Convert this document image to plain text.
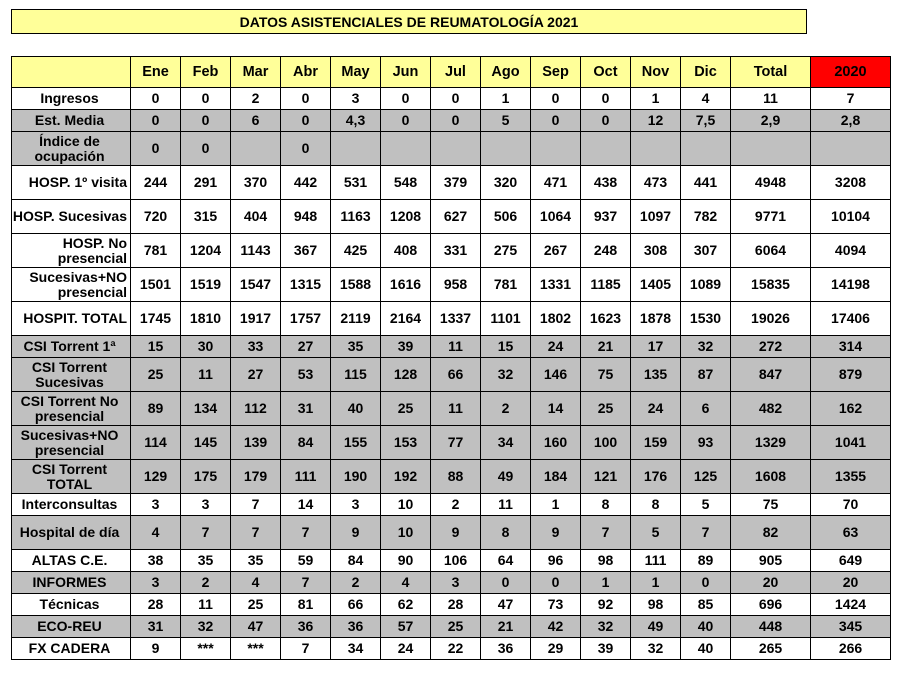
DATOS ASISTENCIALES DE REUMATOLOGÍA 2021
	Ene	Feb	Mar	Abr	May	Jun	Jul	Ago	Sep	Oct	Nov	Dic	Total	2020
Ingresos	0	0	2	0	3	0	0	1	0	0	1	4	11	7
Est. Media	0	0	6	0	4,3	0	0	5	0	0	12	7,5	2,9	2,8
Índice de ocupación	0	0		0										
HOSP. 1º visita	244	291	370	442	531	548	379	320	471	438	473	441	4948	3208
HOSP. Sucesivas	720	315	404	948	1163	1208	627	506	1064	937	1097	782	9771	10104
HOSP. No presencial	781	1204	1143	367	425	408	331	275	267	248	308	307	6064	4094
Sucesivas+NO presencial	1501	1519	1547	1315	1588	1616	958	781	1331	1185	1405	1089	15835	14198
HOSPIT. TOTAL	1745	1810	1917	1757	2119	2164	1337	1101	1802	1623	1878	1530	19026	17406
CSI Torrent 1ª	15	30	33	27	35	39	11	15	24	21	17	32	272	314
CSI Torrent Sucesivas	25	11	27	53	115	128	66	32	146	75	135	87	847	879
CSI Torrent No presencial	89	134	112	31	40	25	11	2	14	25	24	6	482	162
Sucesivas+NO presencial	114	145	139	84	155	153	77	34	160	100	159	93	1329	1041
CSI Torrent TOTAL	129	175	179	111	190	192	88	49	184	121	176	125	1608	1355
Interconsultas	3	3	7	14	3	10	2	11	1	8	8	5	75	70
Hospital de día	4	7	7	7	9	10	9	8	9	7	5	7	82	63
ALTAS C.E.	38	35	35	59	84	90	106	64	96	98	111	89	905	649
INFORMES	3	2	4	7	2	4	3	0	0	1	1	0	20	20
Técnicas	28	11	25	81	66	62	28	47	73	92	98	85	696	1424
ECO-REU	31	32	47	36	36	57	25	21	42	32	49	40	448	345
FX CADERA	9	***	***	7	34	24	22	36	29	39	32	40	265	266
